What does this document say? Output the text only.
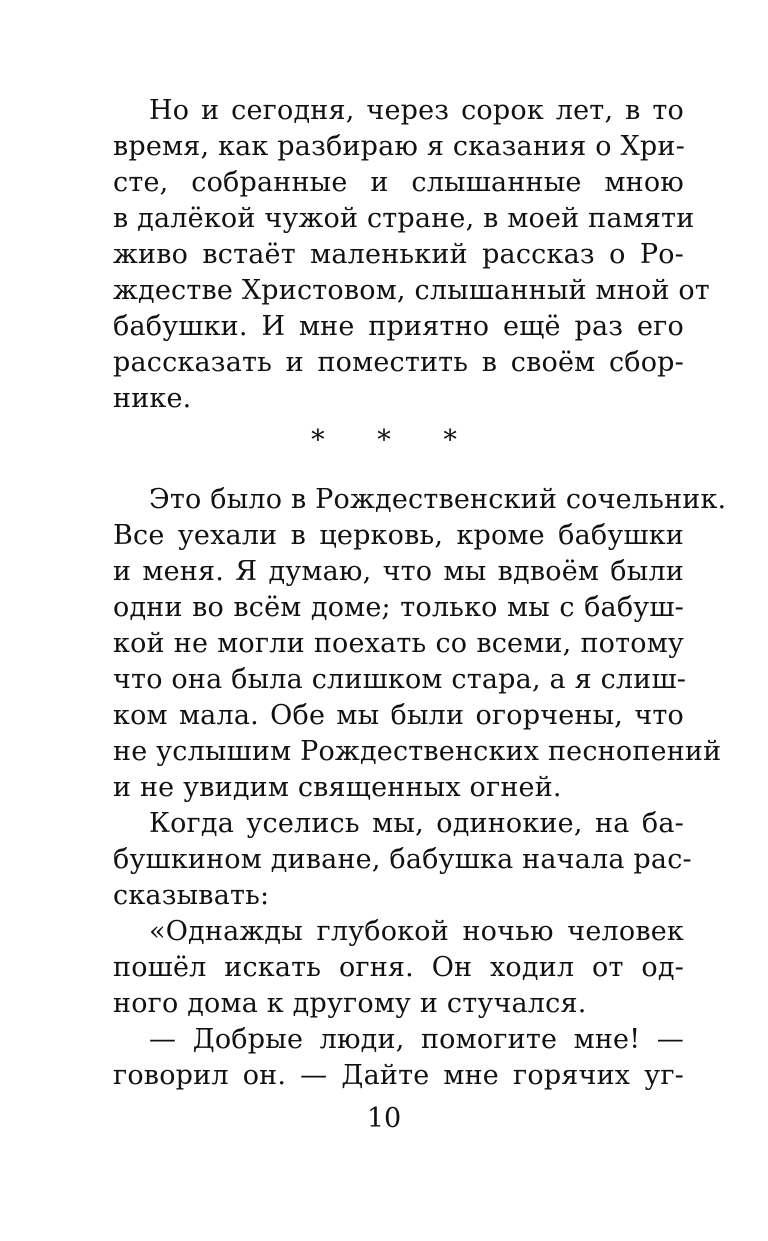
Но и сегодня, через сорок лет, в то
время, как разбираю я сказания о Хри-
сте, собранные и слышанные мною
в далёкой чужой стране, в моей памяти
живо встаёт маленький рассказ о Ро-
ждестве Христовом, слышанный мной от
бабушки. И мне приятно ещё раз его
рассказать и поместить в своём сбор-
нике.
* * *
Это было в Рождественский сочельник.
Все уехали в церковь, кроме бабушки
и меня. Я думаю, что мы вдвоём были
одни во всём доме; только мы с бабуш-
кой не могли поехать со всеми, потому
что она была слишком стара, а я слиш-
ком мала. Обе мы были огорчены, что
не услышим Рождественских песнопений
и не увидим священных огней.
Когда уселись мы, одинокие, на ба-
бушкином диване, бабушка начала рас-
сказывать:
«Однажды глубокой ночью человек
пошёл искать огня. Он ходил от од-
ного дома к другому и стучался.
— Добрые люди, помогите мне! —
говорил он. — Дайте мне горячих уг-
10
